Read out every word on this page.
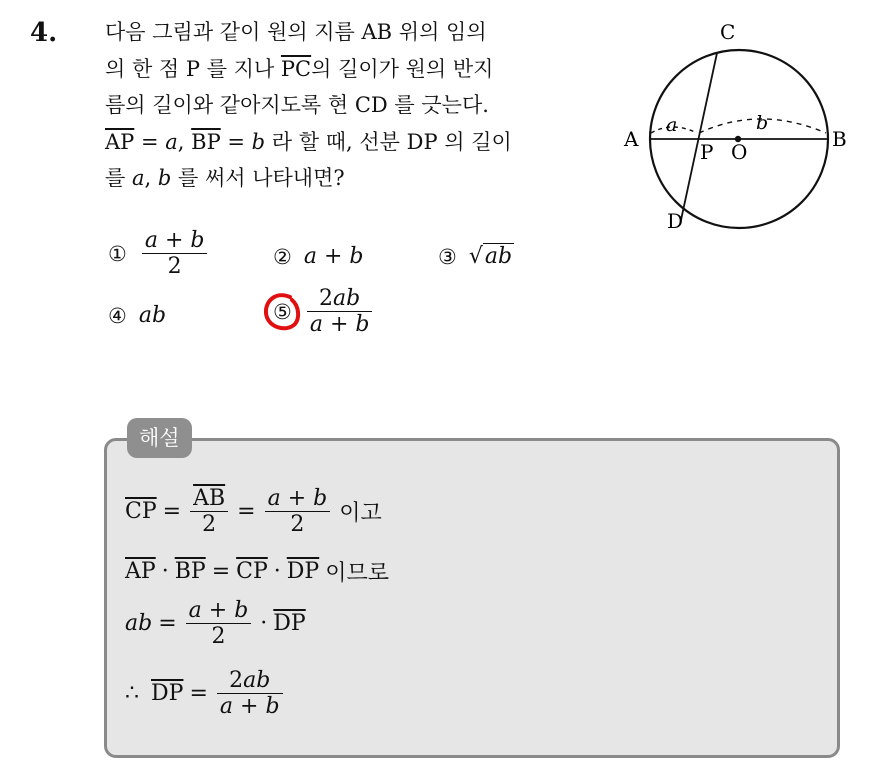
4. 다음 그림과 같이 원의 지름 AB 위의 임의
의 한 점 P 를 지나 $\overline{PC}$의 길이가 원의 반지
름의 길이와 같아지도록 현 CD 를 긋는다.
$\overline{AP} = a$, $\overline{BP} = b$ 라 할 때, 선분 DP 의 길이
를 a, b 를 써서 나타내면?
C
A	B
D
P O
a	b
① $\frac{a + b}{2}$	② a + b	③ √ab
④ ab	⑤ $\frac{2ab}{a + b}$
해설
$\overline{CP} = \frac{\overline{AB}}{2} = \frac{a + b}{2}$ 이고
$\overline{AP} \cdot \overline{BP} = \overline{CP} \cdot \overline{DP}$ 이므로
ab = $\frac{a + b}{2} \cdot \overline{DP}$
∴ $\overline{DP} = \frac{2ab}{a + b}$
